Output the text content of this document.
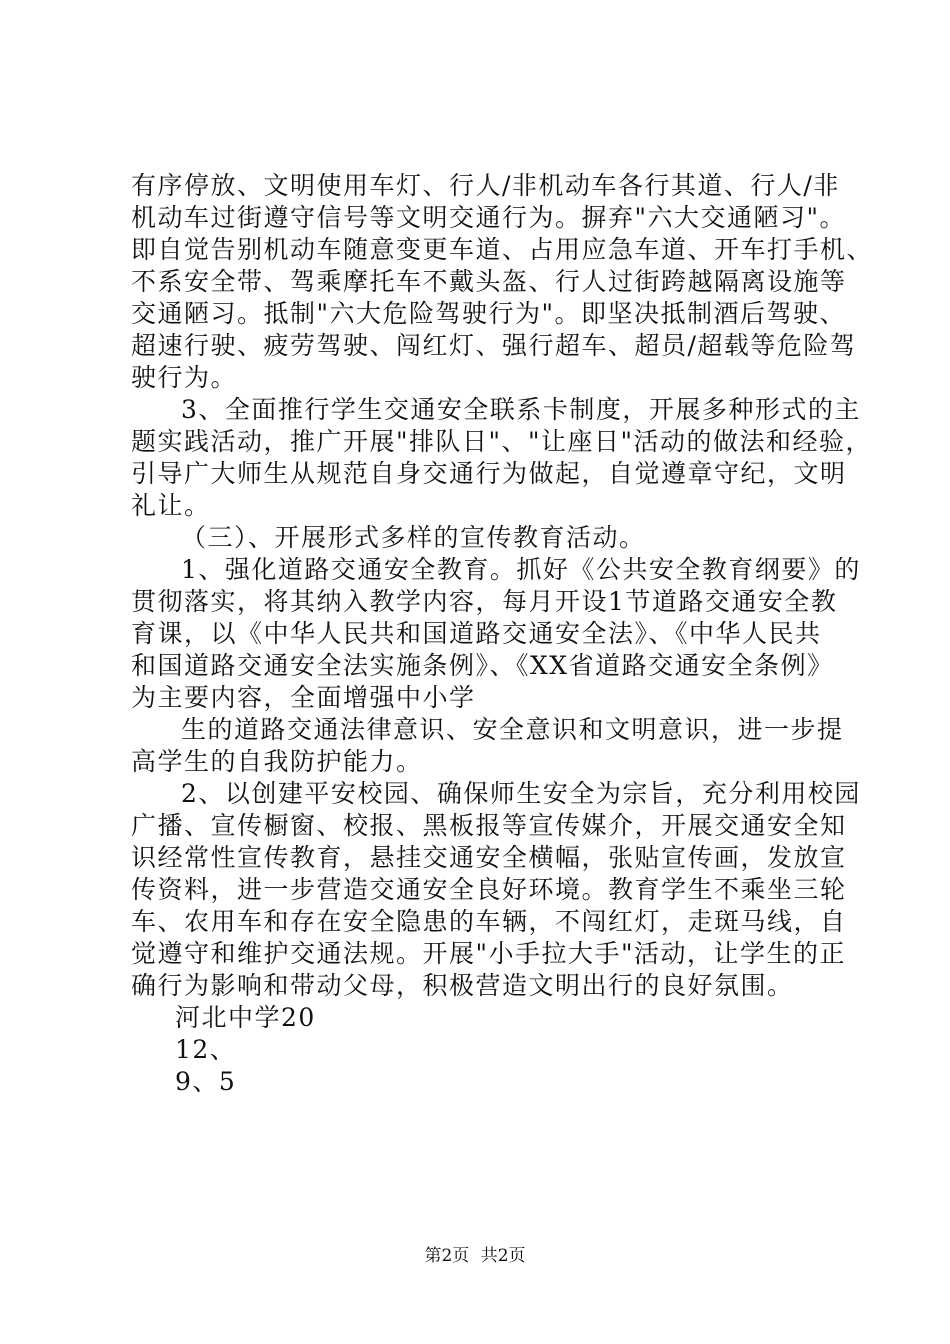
有序停放、文明使用车灯、行人/非机动车各行其道、行人/非
机动车过街遵守信号等文明交通行为。摒弃"六大交通陋习"。
即自觉告别机动车随意变更车道、占用应急车道、开车打手机、
不系安全带、驾乘摩托车不戴头盔、行人过街跨越隔离设施等
交通陋习。抵制"六大危险驾驶行为"。即坚决抵制酒后驾驶、
超速行驶、疲劳驾驶、闯红灯、强行超车、超员/超载等危险驾
驶行为。
3、全面推行学生交通安全联系卡制度，开展多种形式的主
题实践活动，推广开展"排队日"、"让座日"活动的做法和经验，
引导广大师生从规范自身交通行为做起，自觉遵章守纪，文明
礼让。
（三）、开展形式多样的宣传教育活动。
1、强化道路交通安全教育。抓好《公共安全教育纲要》的
贯彻落实，将其纳入教学内容，每月开设1节道路交通安全教
育课，以《中华人民共和国道路交通安全法》、《中华人民共
和国道路交通安全法实施条例》、《XX省道路交通安全条例》
为主要内容，全面增强中小学
生的道路交通法律意识、安全意识和文明意识，进一步提
高学生的自我防护能力。
2、以创建平安校园、确保师生安全为宗旨，充分利用校园
广播、宣传橱窗、校报、黑板报等宣传媒介，开展交通安全知
识经常性宣传教育，悬挂交通安全横幅，张贴宣传画，发放宣
传资料，进一步营造交通安全良好环境。教育学生不乘坐三轮
车、农用车和存在安全隐患的车辆，不闯红灯，走斑马线，自
觉遵守和维护交通法规。开展"小手拉大手"活动，让学生的正
确行为影响和带动父母，积极营造文明出行的良好氛围。
河北中学20
12、
9、5
第2页 共2页
